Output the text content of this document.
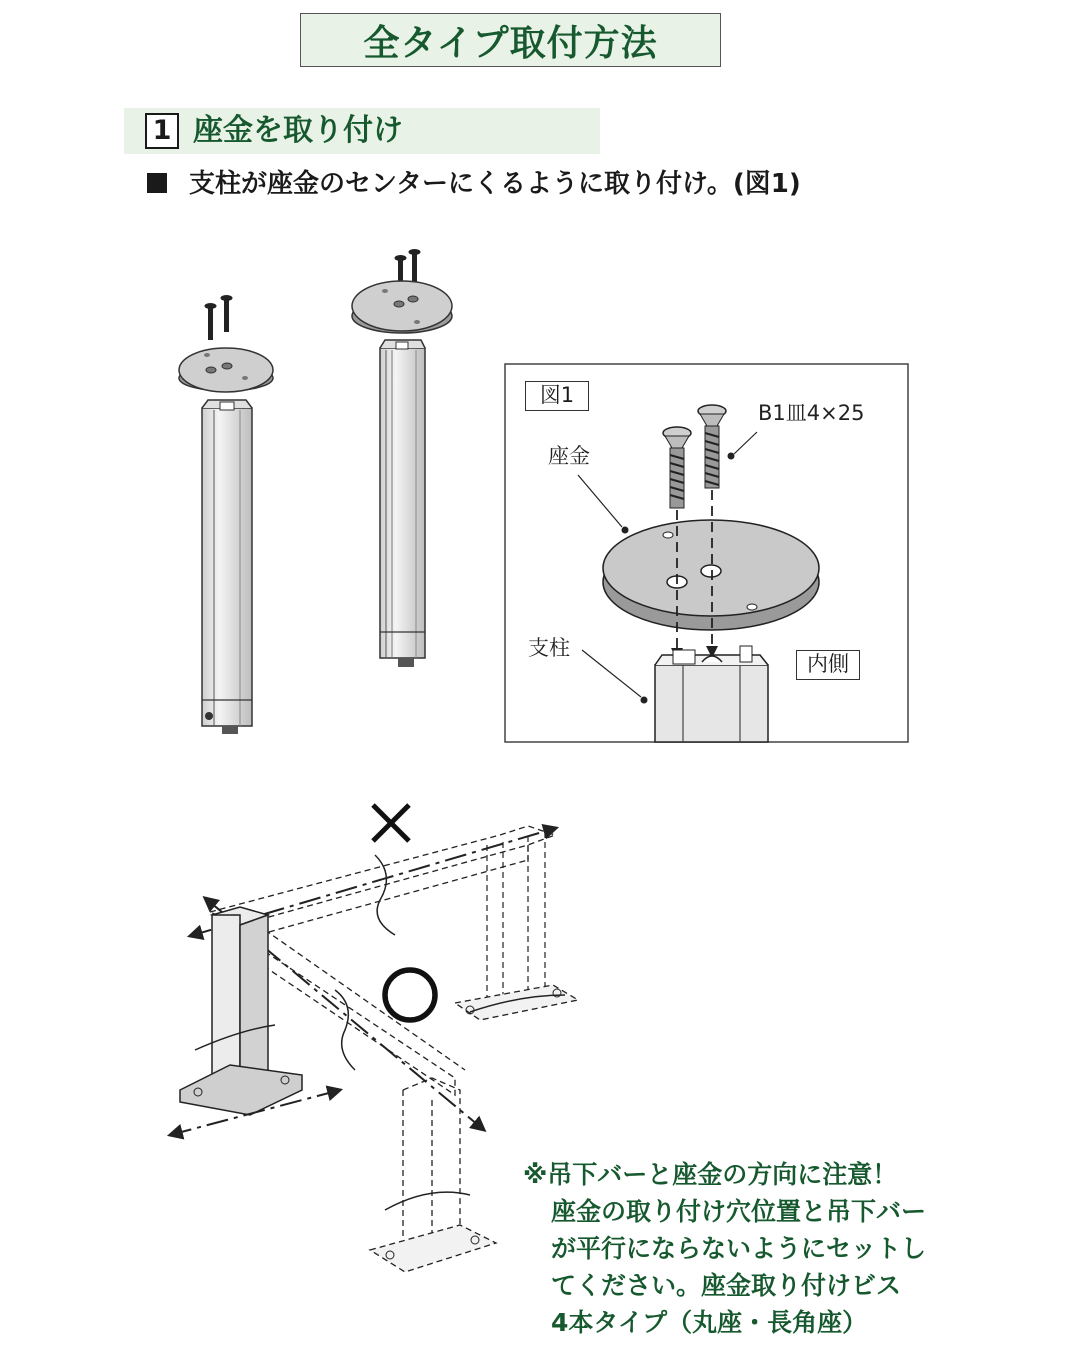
全タイプ取付方法
1 座金を取り付け
支柱が座金のセンターにくるように取り付け。(図1)
図1
B1皿4×25
座金
支柱
内側
※吊下バーと座金の方向に注意！
座金の取り付け穴位置と吊下バー
が平行にならないようにセットし
てください。座金取り付けビス
4本タイプ（丸座・長角座）
